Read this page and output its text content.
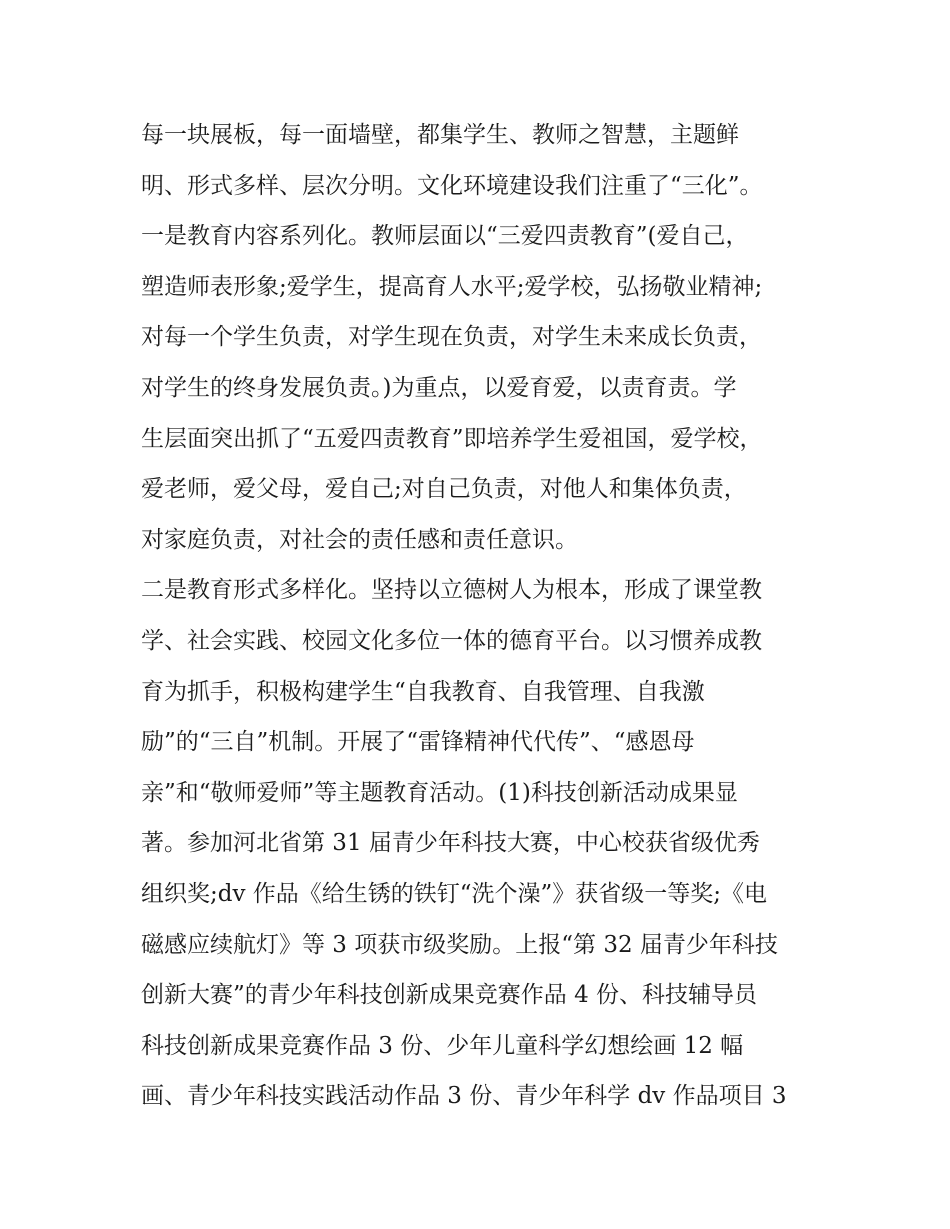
每一块展板，每一面墙壁，都集学生、教师之智慧，主题鲜
明、形式多样、层次分明。文化环境建设我们注重了“三化”。
一是教育内容系列化。教师层面以“三爱四责教育”(爱自己，
塑造师表形象;爱学生，提高育人水平;爱学校，弘扬敬业精神;
对每一个学生负责，对学生现在负责，对学生未来成长负责，
对学生的终身发展负责。)为重点，以爱育爱，以责育责。学
生层面突出抓了“五爱四责教育”即培养学生爱祖国，爱学校，
爱老师，爱父母，爱自己;对自己负责，对他人和集体负责，
对家庭负责，对社会的责任感和责任意识。
二是教育形式多样化。坚持以立德树人为根本，形成了课堂教
学、社会实践、校园文化多位一体的德育平台。以习惯养成教
育为抓手，积极构建学生“自我教育、自我管理、自我激
励”的“三自”机制。开展了“雷锋精神代代传”、“感恩母
亲”和“敬师爱师”等主题教育活动。(1)科技创新活动成果显
著。参加河北省第 31 届青少年科技大赛，中心校获省级优秀
组织奖;dv 作品《给生锈的铁钉“洗个澡”》获省级一等奖;《电
磁感应续航灯》等 3 项获市级奖励。上报“第 32 届青少年科技
创新大赛”的青少年科技创新成果竞赛作品 4 份、科技辅导员
科技创新成果竞赛作品 3 份、少年儿童科学幻想绘画 12 幅
画、青少年科技实践活动作品 3 份、青少年科学 dv 作品项目 3
